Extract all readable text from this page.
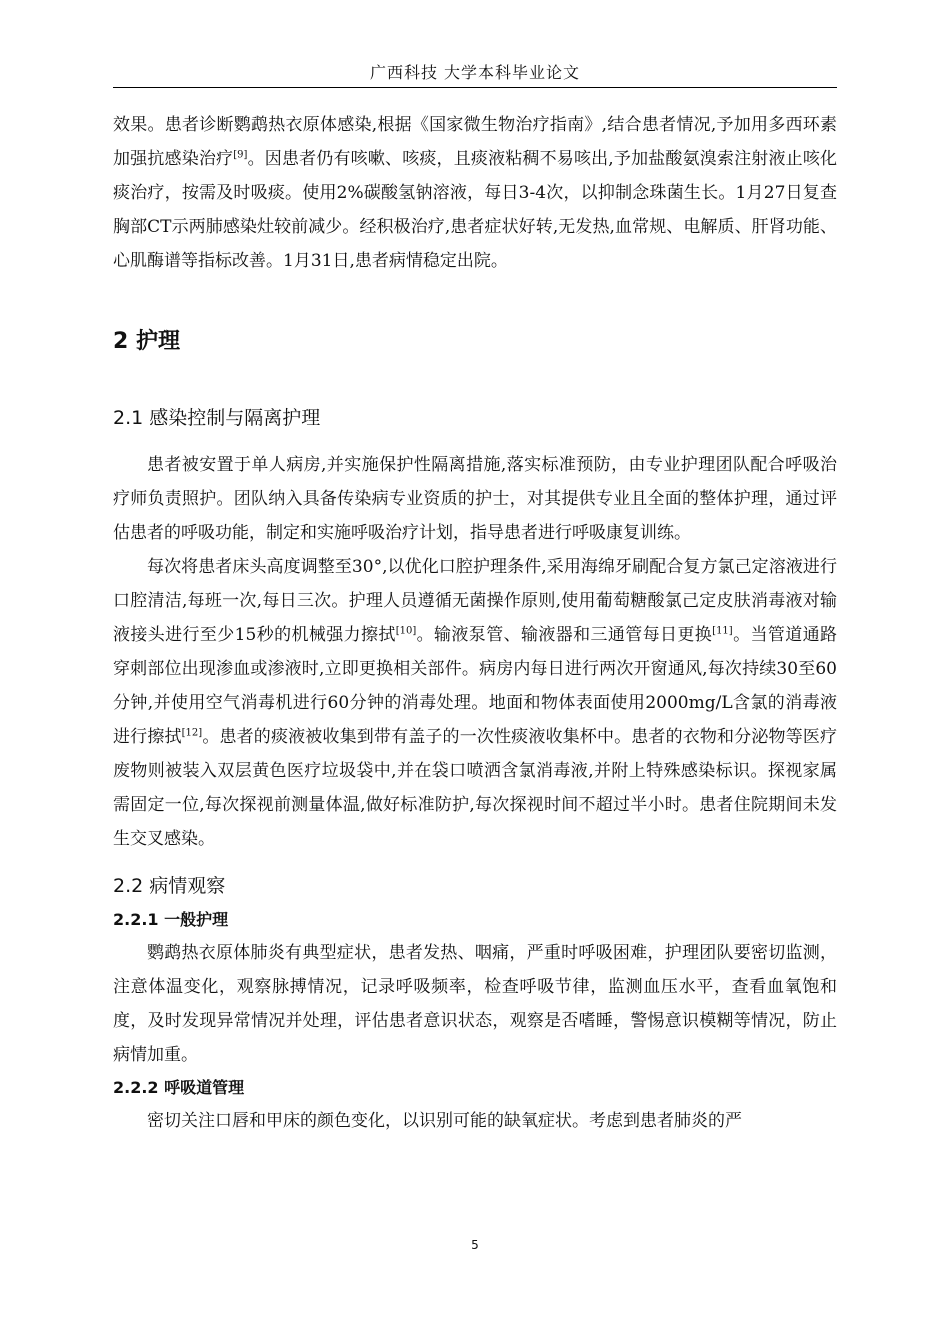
广西科技 大学本科毕业论文

效果。患者诊断鹦鹉热衣原体感染,根据《国家微生物治疗指南》,结合患者情况,予加用多西环素加强抗感染治疗[9]。因患者仍有咳嗽、咳痰，且痰液粘稠不易咳出,予加盐酸氨溴索注射液止咳化痰治疗，按需及时吸痰。使用2%碳酸氢钠溶液，每日3-4次，以抑制念珠菌生长。1月27日复查胸部CT示两肺感染灶较前减少。经积极治疗,患者症状好转,无发热,血常规、电解质、肝肾功能、心肌酶谱等指标改善。1月31日,患者病情稳定出院。

2 护理
2.1 感染控制与隔离护理

患者被安置于单人病房,并实施保护性隔离措施,落实标准预防，由专业护理团队配合呼吸治疗师负责照护。团队纳入具备传染病专业资质的护士，对其提供专业且全面的整体护理，通过评估患者的呼吸功能，制定和实施呼吸治疗计划，指导患者进行呼吸康复训练。

每次将患者床头高度调整至30°,以优化口腔护理条件,采用海绵牙刷配合复方氯己定溶液进行口腔清洁,每班一次,每日三次。护理人员遵循无菌操作原则,使用葡萄糖酸氯己定皮肤消毒液对输液接头进行至少15秒的机械强力擦拭[10]。输液泵管、输液器和三通管每日更换[11]。当管道通路穿刺部位出现渗血或渗液时,立即更换相关部件。病房内每日进行两次开窗通风,每次持续30至60分钟,并使用空气消毒机进行60分钟的消毒处理。地面和物体表面使用2000mg/L含氯的消毒液进行擦拭[12]。患者的痰液被收集到带有盖子的一次性痰液收集杯中。患者的衣物和分泌物等医疗废物则被装入双层黄色医疗垃圾袋中,并在袋口喷洒含氯消毒液,并附上特殊感染标识。探视家属需固定一位,每次探视前测量体温,做好标准防护,每次探视时间不超过半小时。患者住院期间未发生交叉感染。

2.2 病情观察
2.2.1 一般护理

鹦鹉热衣原体肺炎有典型症状，患者发热、咽痛，严重时呼吸困难，护理团队要密切监测，注意体温变化，观察脉搏情况，记录呼吸频率，检查呼吸节律，监测血压水平，查看血氧饱和度，及时发现异常情况并处理，评估患者意识状态，观察是否嗜睡，警惕意识模糊等情况，防止病情加重。

2.2.2 呼吸道管理

密切关注口唇和甲床的颜色变化，以识别可能的缺氧症状。考虑到患者肺炎的严

5
